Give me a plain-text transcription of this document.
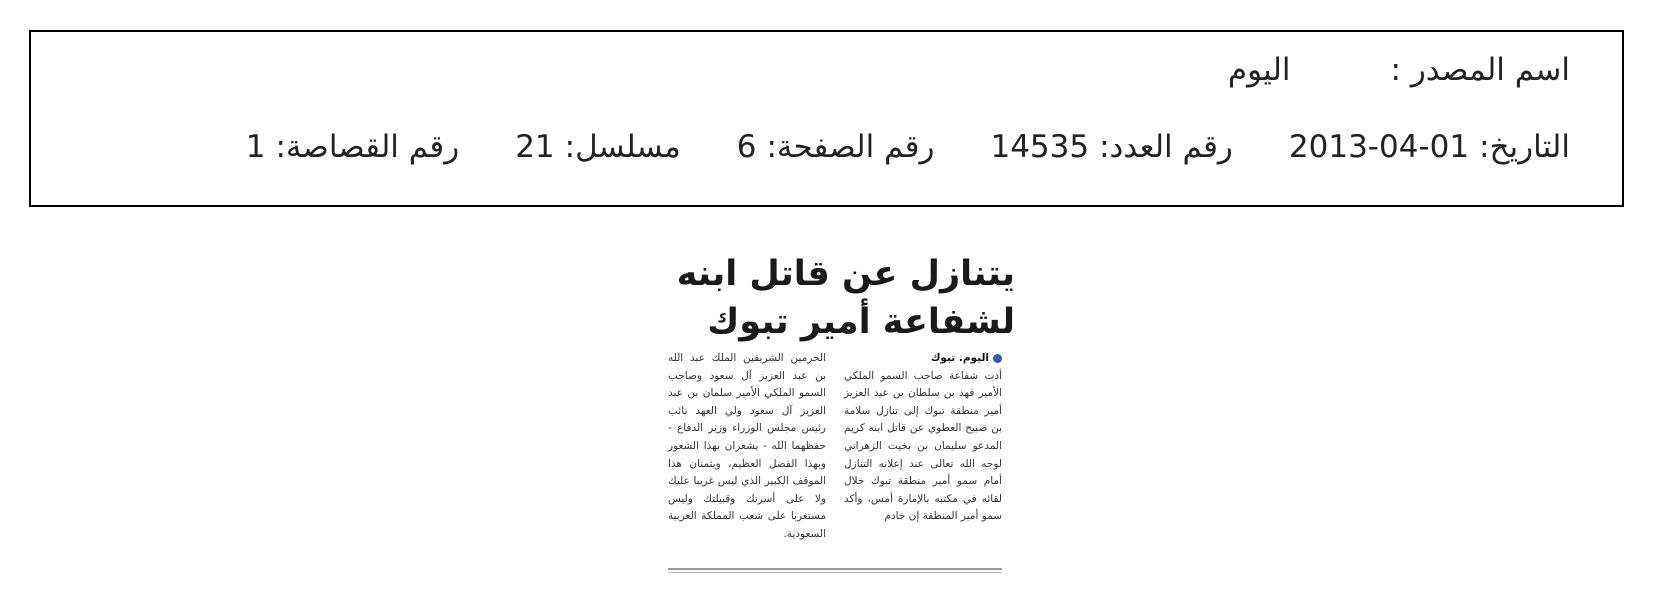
اسم المصدر :
اليوم
التاريخ:
2013-04-01
رقم العدد:
14535
رقم الصفحة:
6
مسلسل:
21
رقم القصاصة:
1
يتنازل عن قاتل ابنه
لشفاعة أمير تبوك
اليوم. تبوك
أدت شفاعة صاحب السمو الملكي الأمير فهد بن سلطان بن عبد العزيز أمير منطقة تبوك إلى تنازل سلامة بن صبيح العطوي عن قاتل ابنه كريم المدعو سليمان بن بخيت الزهراني لوجه الله تعالى عند إعلانه التنازل أمام سمو أمير منطقة تبوك خلال لقائه في مكتبه بالإمارة أمس، وأكد سمو أمير المنطقة إن خادم
الحرمين الشريفين الملك عبد الله بن عبد العزيز آل سعود وصاحب السمو الملكي الأمير سلمان بن عبد العزيز آل سعود ولي العهد نائب رئيس مجلس الوزراء وزير الدفاع - حفظهما الله - يشعران بهذا الشعور وبهذا الفضل العظيم، ويثمنان هذا الموقف الكبير الذي ليس غريبا عليك ولا على أسرتك وقبيلتك وليس مستغربا على شعب المملكة العربية السعودية.
